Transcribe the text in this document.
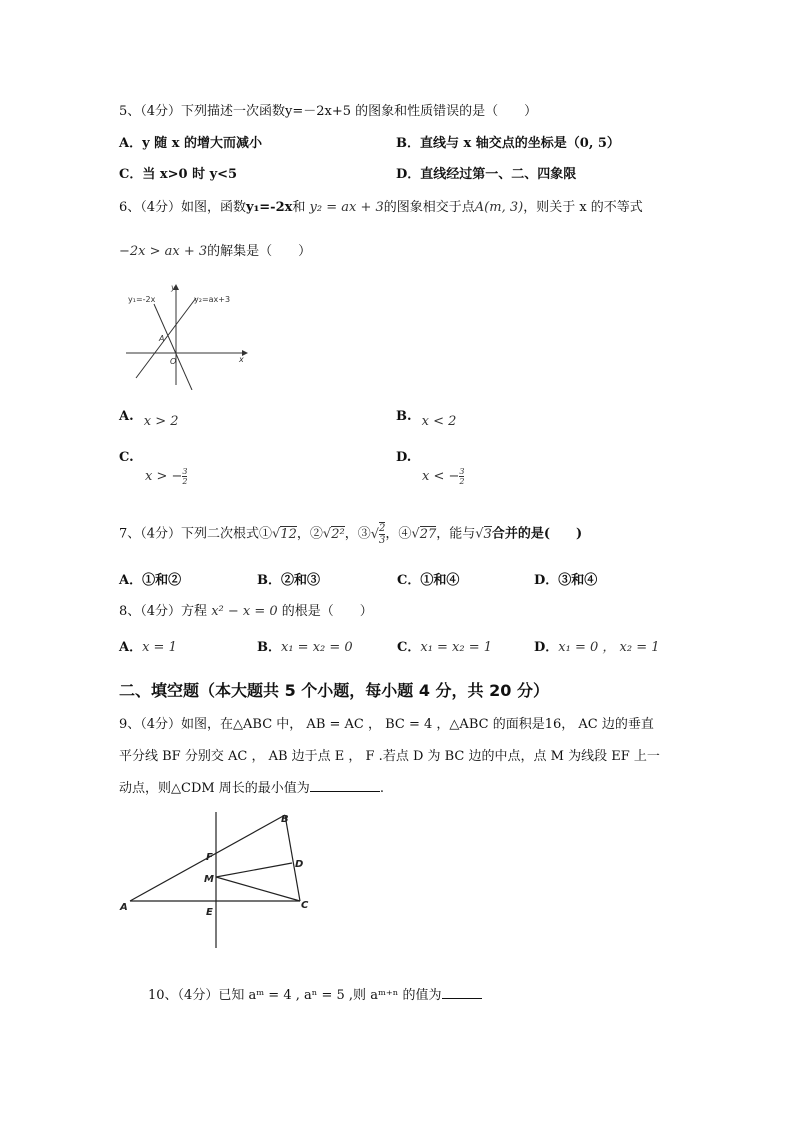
5、（4分）下列描述一次函数y=－2x+5 的图象和性质错误的是（　　）
A．y 随 x 的增大而减小	B．直线与 x 轴交点的坐标是（0, 5）
C．当 x>0 时 y<5	D．直线经过第一、二、四象限
6、（4分）如图，函数y₁=-2x和 y₂ = ax + 3的图象相交于点A(m, 3)，则关于 x 的不等式
−2x > ax + 3的解集是（　　）
y₁=-2x	y₂=ax+3
y
x
O
A
A. x > 2	B. x < 2
C.
x > − $\frac{3}{2}$
D.
x < − $\frac{3}{2}$
7、（4分）下列二次根式①√12，②√2²，③√ $\frac{2}{3}$ ，④√27，能与√3合并的是(　　)
A．①和②	B．②和③	C．①和④	D．③和④
8、（4分）方程 x² − x = 0 的根是（　　）
A．x = 1	B．x₁ = x₂ = 0	C．x₁ = x₂ = 1	D．x₁ = 0 ， x₂ = 1
二、填空题（本大题共 5 个小题，每小题 4 分，共 20 分）
9、（4分）如图，在△ABC 中， AB = AC ， BC = 4 ，△ABC 的面积是16， AC 边的垂直
平分线 BF 分别交 AC ， AB 边于点 E ， F .若点 D 为 BC 边的中点，点 M 为线段 EF 上一
动点，则△CDM 周长的最小值为	.
A
B
C
D
E
F
M
10、（4分）已知 aᵐ = 4 , aⁿ = 5 ,则 aᵐ⁺ⁿ 的值为
